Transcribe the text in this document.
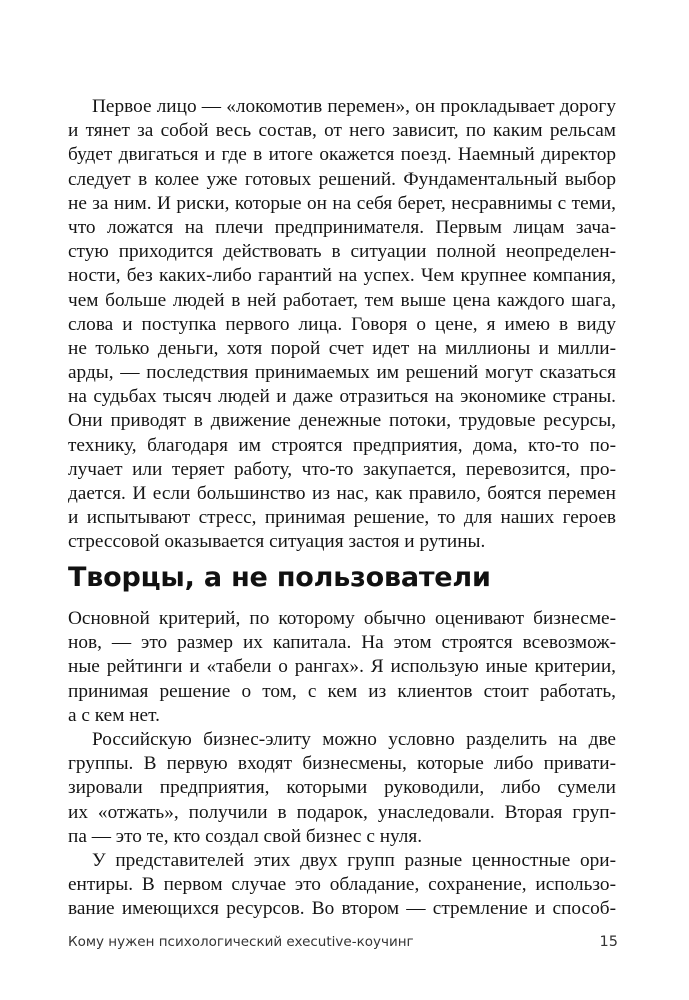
Первое лицо — «локомотив перемен», он прокладывает дорогу
и тянет за собой весь состав, от него зависит, по каким рельсам
будет двигаться и где в итоге окажется поезд. Наемный директор
следует в колее уже готовых решений. Фундаментальный выбор
не за ним. И риски, которые он на себя берет, несравнимы с теми,
что ложатся на плечи предпринимателя. Первым лицам зача-
стую приходится действовать в ситуации полной неопределен-
ности, без каких-либо гарантий на успех. Чем крупнее компания,
чем больше людей в ней работает, тем выше цена каждого шага,
слова и поступка первого лица. Говоря о цене, я имею в виду
не только деньги, хотя порой счет идет на миллионы и милли-
арды, — последствия принимаемых им решений могут сказаться
на судьбах тысяч людей и даже отразиться на экономике страны.
Они приводят в движение денежные потоки, трудовые ресурсы,
технику, благодаря им строятся предприятия, дома, кто-то по-
лучает или теряет работу, что-то закупается, перевозится, про-
дается. И если большинство из нас, как правило, боятся перемен
и испытывают стресс, принимая решение, то для наших героев
стрессовой оказывается ситуация застоя и рутины.
Творцы, а не пользователи
Основной критерий, по которому обычно оценивают бизнесме-
нов, — это размер их капитала. На этом строятся всевозмож-
ные рейтинги и «табели о рангах». Я использую иные критерии,
принимая решение о том, с кем из клиентов стоит работать,
а с кем нет.
Российскую бизнес-элиту можно условно разделить на две
группы. В первую входят бизнесмены, которые либо привати-
зировали предприятия, которыми руководили, либо сумели
их «отжать», получили в подарок, унаследовали. Вторая груп-
па — это те, кто создал свой бизнес с нуля.
У представителей этих двух групп разные ценностные ори-
ентиры. В первом случае это обладание, сохранение, использо-
вание имеющихся ресурсов. Во втором — стремление и способ-
Кому нужен психологический executive-коучинг	15
